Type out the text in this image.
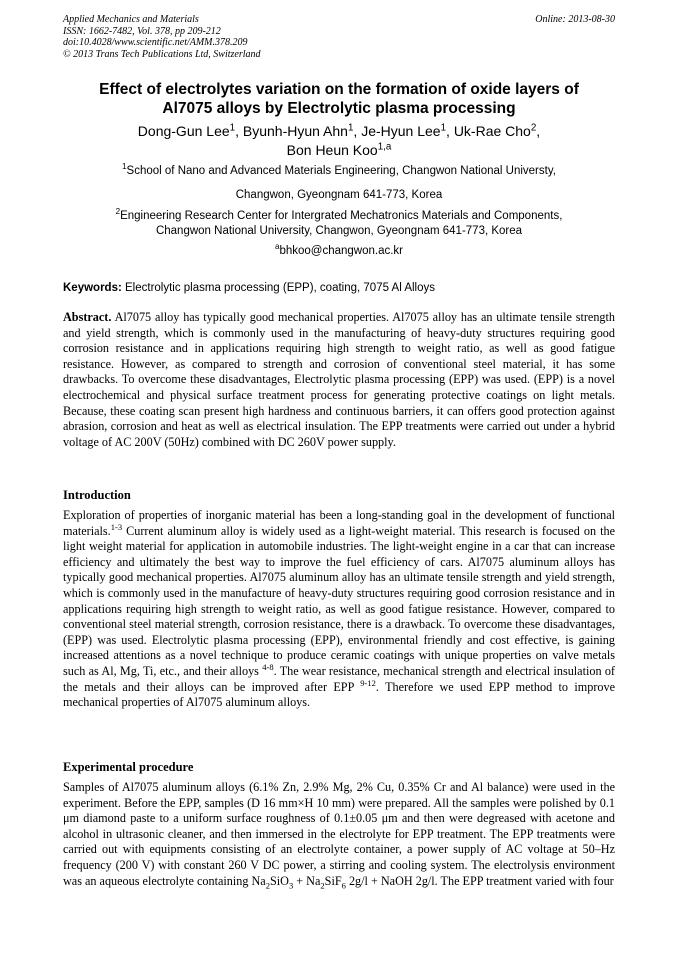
Applied Mechanics and Materials
ISSN: 1662-7482, Vol. 378, pp 209-212
doi:10.4028/www.scientific.net/AMM.378.209
© 2013 Trans Tech Publications Ltd, Switzerland
Online: 2013-08-30
Effect of electrolytes variation on the formation of oxide layers of
Al7075 alloys by Electrolytic plasma processing
Dong-Gun Lee$^1$, Byunh-Hyun Ahn$^1$, Je-Hyun Lee$^1$, Uk-Rae Cho$^2$,
Bon Heun Koo$^{1,a}$
$^1$School of Nano and Advanced Materials Engineering, Changwon National Universty,
Changwon, Gyeongnam 641-773, Korea
$^2$Engineering Research Center for Intergrated Mechatronics Materials and Components,
Changwon National University, Changwon, Gyeongnam 641-773, Korea
$^a$bhkoo@changwon.ac.kr
Keywords: Electrolytic plasma processing (EPP), coating, 7075 Al Alloys
Abstract. Al7075 alloy has typically good mechanical properties. Al7075 alloy has an ultimate tensile strength and yield strength, which is commonly used in the manufacturing of heavy-duty structures requiring good corrosion resistance and in applications requiring high strength to weight ratio, as well as good fatigue resistance. However, as compared to strength and corrosion of conventional steel material, it has some drawbacks. To overcome these disadvantages, Electrolytic plasma processing (EPP) was used. (EPP) is a novel electrochemical and physical surface treatment process for generating protective coatings on light metals. Because, these coating scan present high hardness and continuous barriers, it can offers good protection against abrasion, corrosion and heat as well as electrical insulation. The EPP treatments were carried out under a hybrid voltage of AC 200V (50Hz) combined with DC 260V power supply.
Introduction
Exploration of properties of inorganic material has been a long-standing goal in the development of functional materials.$^{1-3}$ Current aluminum alloy is widely used as a light-weight material. This research is focused on the light weight material for application in automobile industries. The light-weight engine in a car that can increase efficiency and ultimately the best way to improve the fuel efficiency of cars. Al7075 aluminum alloys has typically good mechanical properties. Al7075 aluminum alloy has an ultimate tensile strength and yield strength, which is commonly used in the manufacture of heavy-duty structures requiring good corrosion resistance and in applications requiring high strength to weight ratio, as well as good fatigue resistance. However, compared to conventional steel material strength, corrosion resistance, there is a drawback. To overcome these disadvantages, (EPP) was used. Electrolytic plasma processing (EPP), environmental friendly and cost effective, is gaining increased attentions as a novel technique to produce ceramic coatings with unique properties on valve metals such as Al, Mg, Ti, etc., and their alloys $^{4-8}$. The wear resistance, mechanical strength and electrical insulation of the metals and their alloys can be improved after EPP $^{9-12}$. Therefore we used EPP method to improve mechanical properties of Al7075 aluminum alloys.
Experimental procedure
Samples of Al7075 aluminum alloys (6.1% Zn, 2.9% Mg, 2% Cu, 0.35% Cr and Al balance) were used in the experiment. Before the EPP, samples (D 16 mm×H 10 mm) were prepared. All the samples were polished by 0.1 μm diamond paste to a uniform surface roughness of 0.1±0.05 μm and then were degreased with acetone and alcohol in ultrasonic cleaner, and then immersed in the electrolyte for EPP treatment. The EPP treatments were carried out with equipments consisting of an electrolyte container, a power supply of AC voltage at 50–Hz frequency (200 V) with constant 260 V DC power, a stirring and cooling system. The electrolysis environment was an aqueous electrolyte containing $Na_2SiO_3 + Na_2SiF_6$ 2g/l + NaOH 2g/l. The EPP treatment varied with four
